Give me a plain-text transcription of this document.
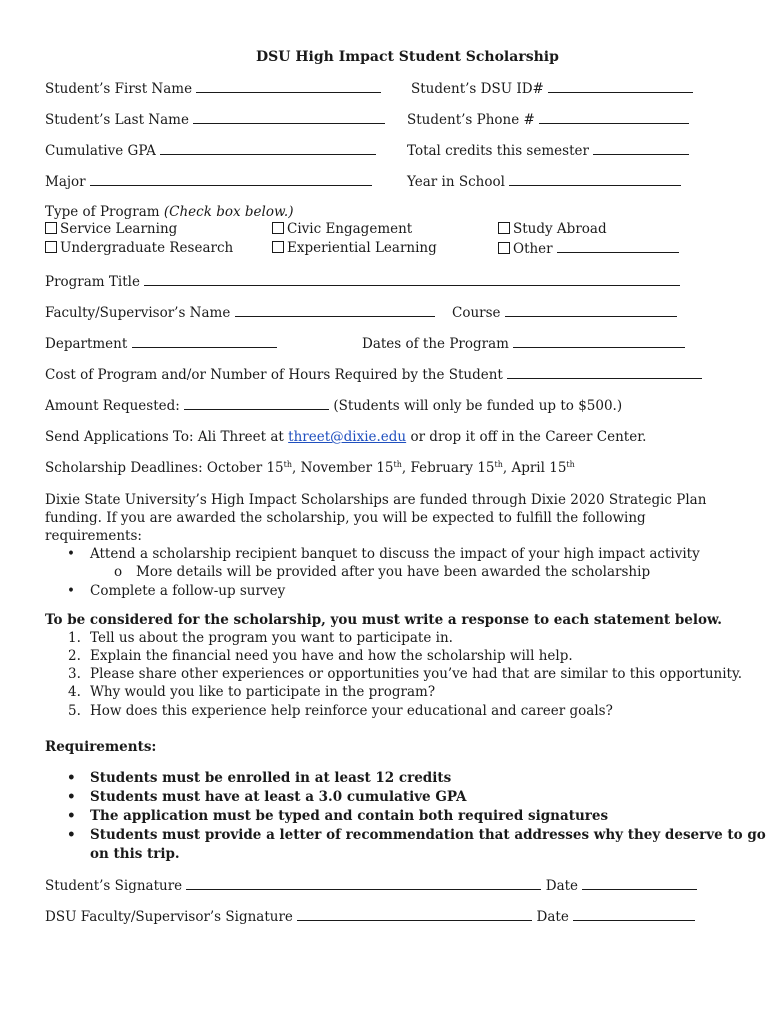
DSU High Impact Student Scholarship
Student’s First Name	Student’s DSU ID#
Student’s Last Name	Student’s Phone #
Cumulative GPA	Total credits this semester
Major	Year in School
Type of Program (Check box below.)
Service Learning	Civic Engagement	Study Abroad
Undergraduate Research	Experiential Learning	Other
Program Title
Faculty/Supervisor’s Name	Course
Department	Dates of the Program
Cost of Program and/or Number of Hours Required by the Student
Amount Requested:	(Students will only be funded up to $500.)
Send Applications To: Ali Threet at threet@dixie.edu or drop it off in the Career Center.
Scholarship Deadlines: October 15th, November 15th, February 15th, April 15th
Dixie State University’s High Impact Scholarships are funded through Dixie 2020 Strategic Plan funding. If you are awarded the scholarship, you will be expected to fulfill the following requirements:
• Attend a scholarship recipient banquet to discuss the impact of your high impact activity
o More details will be provided after you have been awarded the scholarship
• Complete a follow-up survey
To be considered for the scholarship, you must write a response to each statement below.
1. Tell us about the program you want to participate in.
2. Explain the financial need you have and how the scholarship will help.
3. Please share other experiences or opportunities you’ve had that are similar to this opportunity.
4. Why would you like to participate in the program?
5. How does this experience help reinforce your educational and career goals?
Requirements:
• Students must be enrolled in at least 12 credits
• Students must have at least a 3.0 cumulative GPA
• The application must be typed and contain both required signatures
• Students must provide a letter of recommendation that addresses why they deserve to go
on this trip.
Student’s Signature	Date
DSU Faculty/Supervisor’s Signature	Date
